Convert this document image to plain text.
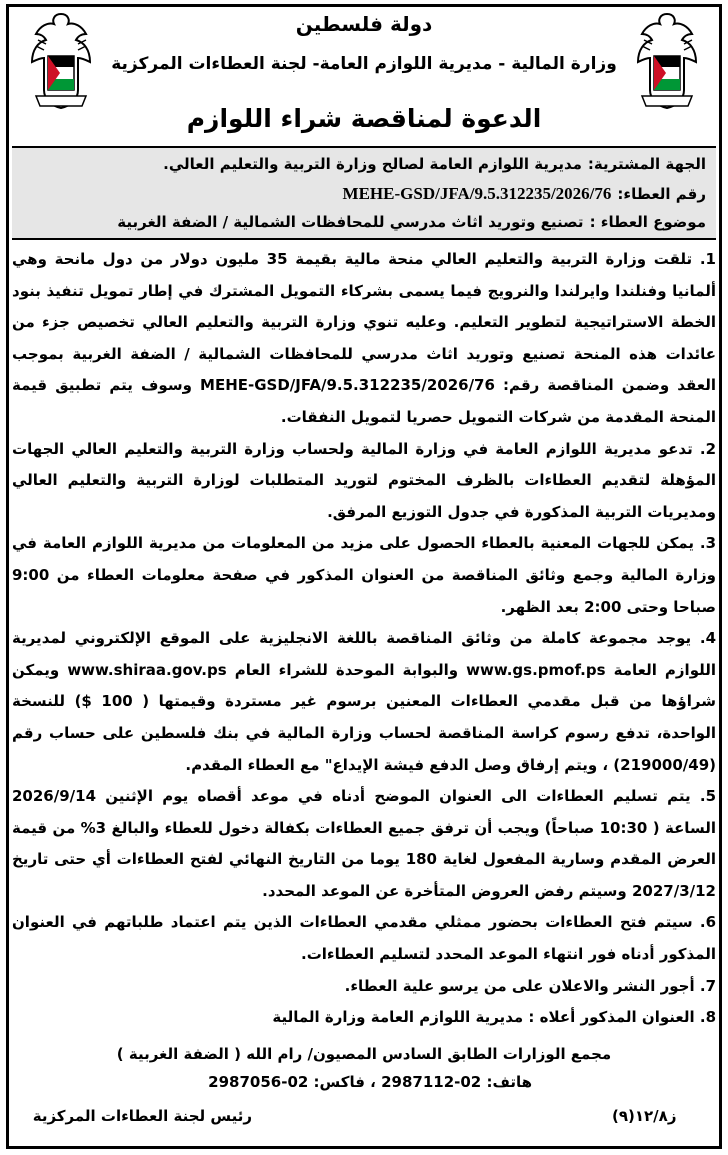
دولة فلسطين
وزارة المالية - مديرية اللوازم العامة- لجنة العطاءات المركزية
الدعوة لمناقصة شراء اللوازم
الجهة المشترية:مديرية اللوازم العامة لصالح وزارة التربية والتعليم العالي.
رقم العطاء:MEHE-GSD/JFA/9.5.312235/2026/76
موضوع العطاء :تصنيع وتوريد اثاث مدرسي للمحافظات الشمالية / الضفة الغربية

1. تلقت وزارة التربية والتعليم العالي منحة مالية بقيمة 35 مليون دولار من دول مانحة وهي ألمانيا وفنلندا وايرلندا والنرويج فيما يسمى بشركاء التمويل المشترك في إطار تمويل تنفيذ بنود الخطة الاستراتيجية لتطوير التعليم. وعليه تنوي وزارة التربية والتعليم العالي تخصيص جزء من عائدات هذه المنحة تصنيع وتوريد اثاث مدرسي للمحافظات الشمالية / الضفة الغربية بموجب العقد وضمن المناقصة رقم: MEHE-GSD/JFA/9.5.312235/2026/76 وسوف يتم تطبيق قيمة المنحة المقدمة من شركات التمويل حصريا لتمويل النفقات.

2. تدعو مديرية اللوازم العامة في وزارة المالية ولحساب وزارة التربية والتعليم العالي الجهات المؤهلة لتقديم العطاءات بالظرف المختوم لتوريد المتطلبات لوزارة التربية والتعليم العالي ومديريات التربية المذكورة في جدول التوزيع المرفق.

3. يمكن للجهات المعنية بالعطاء الحصول على مزيد من المعلومات من مديرية اللوازم العامة في وزارة المالية وجمع وثائق المناقصة من العنوان المذكور في صفحة معلومات العطاء من 9:00 صباحا وحتى 2:00 بعد الظهر.

4. يوجد مجموعة كاملة من وثائق المناقصة باللغة الانجليزية على الموقع الإلكتروني لمديرية اللوازم العامة www.gs.pmof.ps والبوابة الموحدة للشراء العام www.shiraa.gov.ps ويمكن شراؤها من قبل مقدمي العطاءات المعنين برسوم غير مستردة وقيمتها ( 100 $) للنسخة الواحدة، تدفع رسوم كراسة المناقصة لحساب وزارة المالية في بنك فلسطين على حساب رقم (219000/49) ، ويتم إرفاق وصل الدفع فيشة الإيداع" مع العطاء المقدم.

5. يتم تسليم العطاءات الى العنوان الموضح أدناه في موعد أقصاه يوم الإثنين 2026/9/14 الساعة ( 10:30 صباحاً) ويجب أن ترفق جميع العطاءات بكفالة دخول للعطاء والبالغ 3% من قيمة العرض المقدم وسارية المفعول لغاية 180 يوما من التاريخ النهائي لفتح العطاءات أي حتى تاريخ 2027/3/12 وسيتم رفض العروض المتأخرة عن الموعد المحدد.

6. سيتم فتح العطاءات بحضور ممثلي مقدمي العطاءات الذين يتم اعتماد طلباتهم في العنوان المذكور أدناه فور انتهاء الموعد المحدد لتسليم العطاءات.

7. أجور النشر والاعلان على من يرسو علية العطاء.

8. العنوان المذكور أعلاه : مديرية اللوازم العامة وزارة المالية

مجمع الوزارات الطابق السادس المصيون/ رام الله ( الضفة الغربية )
هاتف: 02-2987112 ، فاكس: 02-2987056
رئيس لجنة العطاءات المركزية	ز١٢/٨(٩)
